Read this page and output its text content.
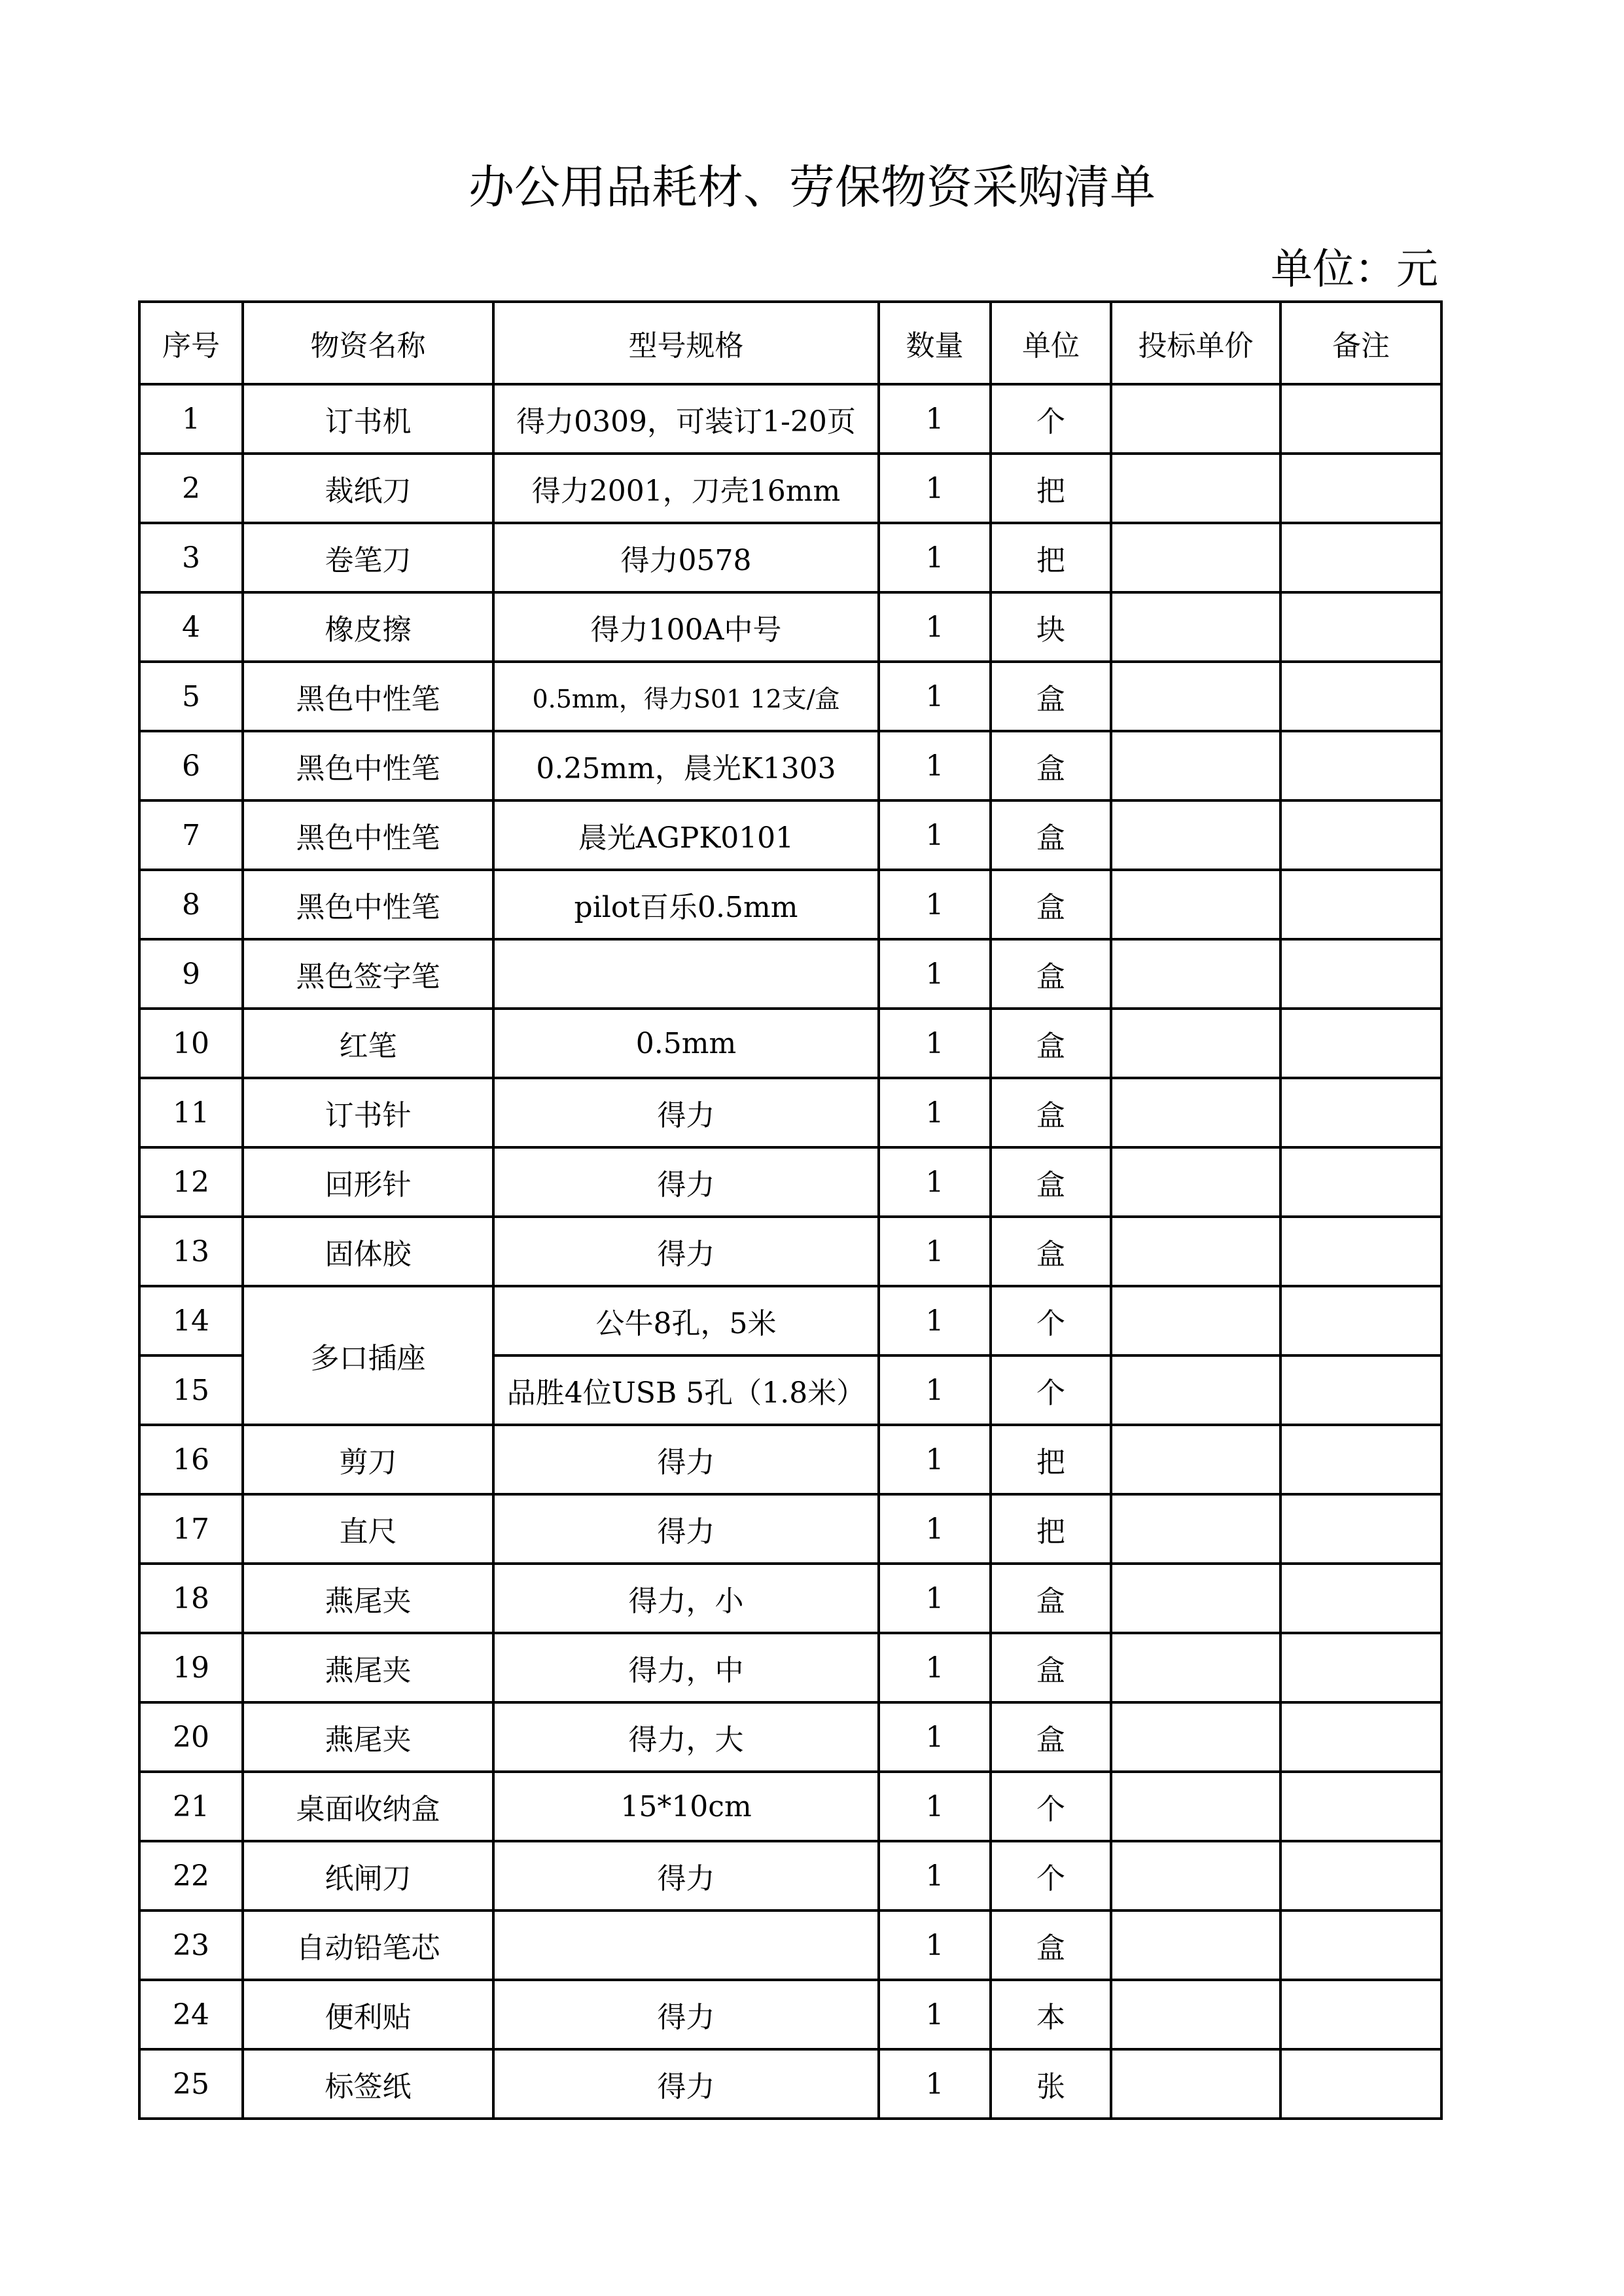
办公用品耗材、劳保物资采购清单
单位：元
序号	物资名称	型号规格	数量	单位	投标单价	备注
1	订书机	得力0309，可装订1-20页	1	个		
2	裁纸刀	得力2001，刀壳16mm	1	把		
3	卷笔刀	得力0578	1	把		
4	橡皮擦	得力100A中号	1	块		
5	黑色中性笔	0.5mm，得力S01 12支/盒	1	盒		
6	黑色中性笔	0.25mm，晨光K1303	1	盒		
7	黑色中性笔	晨光AGPK0101	1	盒		
8	黑色中性笔	pilot百乐0.5mm	1	盒		
9	黑色签字笔		1	盒		
10	红笔	0.5mm	1	盒		
11	订书针	得力	1	盒		
12	回形针	得力	1	盒		
13	固体胶	得力	1	盒		
14	多口插座	公牛8孔，5米	1	个		
15		品胜4位USB 5孔（1.8米）	1	个		
16	剪刀	得力	1	把		
17	直尺	得力	1	把		
18	燕尾夹	得力，小	1	盒		
19	燕尾夹	得力，中	1	盒		
20	燕尾夹	得力，大	1	盒		
21	桌面收纳盒	15*10cm	1	个		
22	纸闸刀	得力	1	个		
23	自动铅笔芯		1	盒		
24	便利贴	得力	1	本		
25	标签纸	得力	1	张		
